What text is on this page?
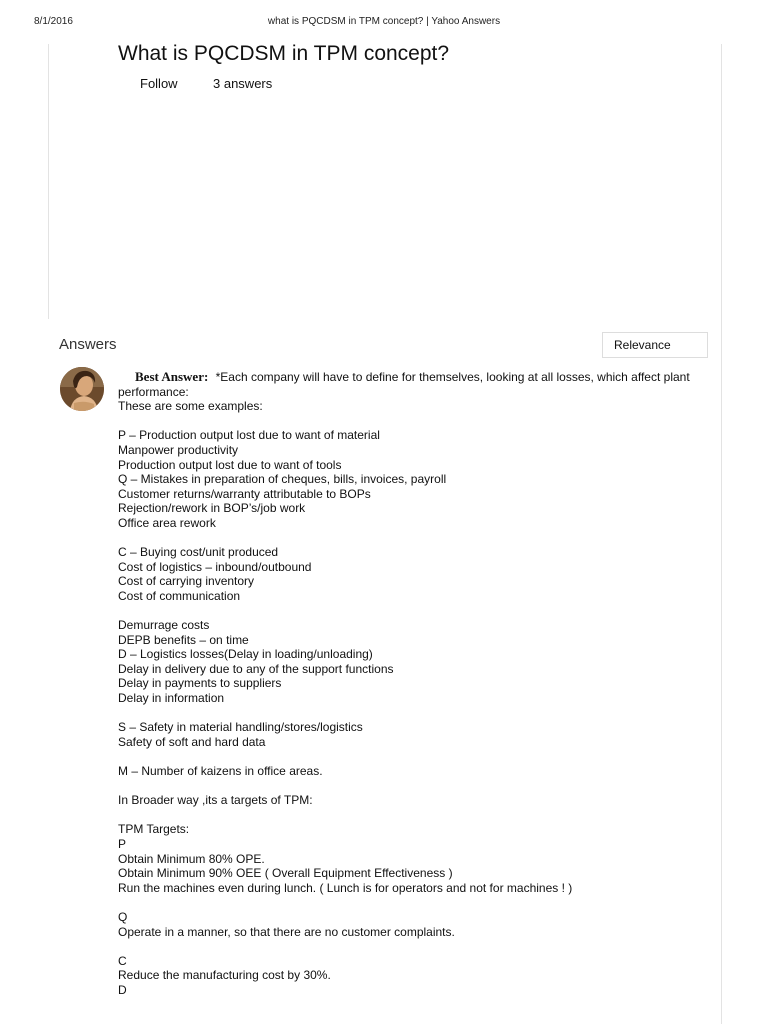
8/1/2016	what is PQCDSM in TPM concept? | Yahoo Answers
What is PQCDSM in TPM concept?
Follow	3 answers
Answers	Relevance
Best Answer: *Each company will have to define for themselves, looking at all losses, which affect plant performance:
These are some examples:
P – Production output lost due to want of material
Manpower productivity
Production output lost due to want of tools
Q – Mistakes in preparation of cheques, bills, invoices, payroll
Customer returns/warranty attributable to BOPs
Rejection/rework in BOP’s/job work
Office area rework
C – Buying cost/unit produced
Cost of logistics – inbound/outbound
Cost of carrying inventory
Cost of communication
Demurrage costs
DEPB benefits – on time
D – Logistics losses(Delay in loading/unloading)
Delay in delivery due to any of the support functions
Delay in payments to suppliers
Delay in information
S – Safety in material handling/stores/logistics
Safety of soft and hard data
M – Number of kaizens in office areas.
In Broader way ,its a targets of TPM:
TPM Targets:
P
Obtain Minimum 80% OPE.
Obtain Minimum 90% OEE ( Overall Equipment Effectiveness )
Run the machines even during lunch. ( Lunch is for operators and not for machines ! )
Q
Operate in a manner, so that there are no customer complaints.
C
Reduce the manufacturing cost by 30%.
D
